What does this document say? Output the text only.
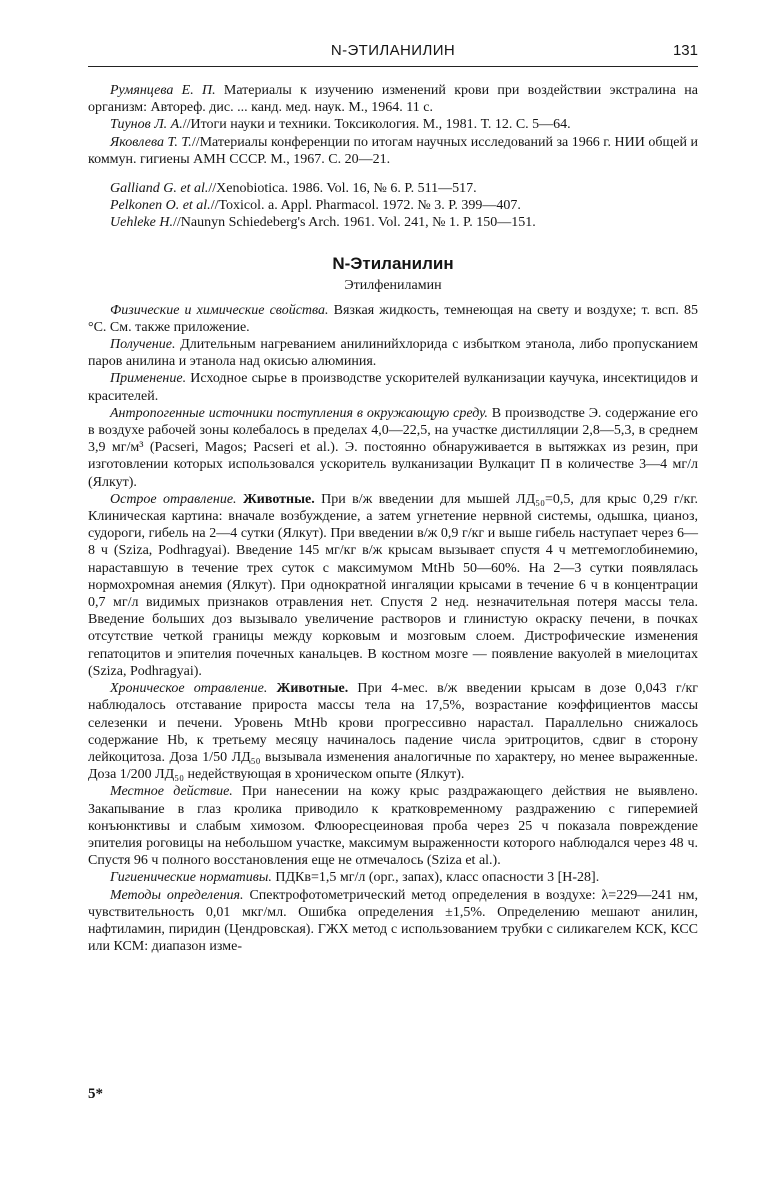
N-ЭТИЛАНИЛИН	131

Румянцева Е. П. Материалы к изучению изменений крови при воздействии экстралина на организм: Автореф. дис. ... канд. мед. наук. М., 1964. 11 с.

Тиунов Л. А.//Итоги науки и техники. Токсикология. М., 1981. Т. 12. С. 5—64.

Яковлева Т. Т.//Материалы конференции по итогам научных исследований за 1966 г. НИИ общей и коммун. гигиены АМН СССР. М., 1967. С. 20—21.

Galliand G. et al.//Xenobiotica. 1986. Vol. 16, № 6. P. 511—517.

Pelkonen O. et al.//Toxicol. a. Appl. Pharmacol. 1972. № 3. P. 399—407.

Uehleke H.//Naunyn Schiedeberg's Arch. 1961. Vol. 241, № 1. P. 150—151.

N-Этиланилин
Этилфениламин

Физические и химические свойства. Вязкая жидкость, темнеющая на свету и воздухе; т. всп. 85 °С. См. также приложение.

Получение. Длительным нагреванием анилинийхлорида с избытком этанола, либо пропусканием паров анилина и этанола над окисью алюминия.

Применение. Исходное сырье в производстве ускорителей вулканизации каучука, инсектицидов и красителей.

Антропогенные источники поступления в окружающую среду. В производстве Э. содержание его в воздухе рабочей зоны колебалось в пределах 4,0—22,5, на участке дистилляции 2,8—5,3, в среднем 3,9 мг/м³ (Pacseri, Magos; Pacseri et al.). Э. постоянно обнаруживается в вытяжках из резин, при изготовлении которых использовался ускоритель вулканизации Вулкацит П в количестве 3—4 мг/л (Ялкут).

Острое отравление. Животные. При в/ж введении для мышей ЛД₅₀=0,5, для крыс 0,29 г/кг. Клиническая картина: вначале возбуждение, а затем угнетение нервной системы, одышка, цианоз, судороги, гибель на 2—4 сутки (Ялкут). При введении в/ж 0,9 г/кг и выше гибель наступает через 6—8 ч (Sziza, Podhragyai). Введение 145 мг/кг в/ж крысам вызывает спустя 4 ч метгемоглобинемию, нараставшую в течение трех суток с максимумом MtHb 50—60%. На 2—3 сутки появлялась нормохромная анемия (Ялкут). При однократной ингаляции крысами в течение 6 ч в концентрации 0,7 мг/л видимых признаков отравления нет. Спустя 2 нед. незначительная потеря массы тела. Введение больших доз вызывало увеличение растворов и глинистую окраску печени, в почках отсутствие четкой границы между корковым и мозговым слоем. Дистрофические изменения гепатоцитов и эпителия почечных канальцев. В костном мозге — появление вакуолей в миелоцитах (Sziza, Podhragyai).

Хроническое отравление. Животные. При 4-мес. в/ж введении крысам в дозе 0,043 г/кг наблюдалось отставание прироста массы тела на 17,5%, возрастание коэффициентов массы селезенки и печени. Уровень MtHb крови прогрессивно нарастал. Параллельно снижалось содержание Hb, к третьему месяцу начиналось падение числа эритроцитов, сдвиг в сторону лейкоцитоза. Доза 1/50 ЛД₅₀ вызывала изменения аналогичные по характеру, но менее выраженные. Доза 1/200 ЛД₅₀ недействующая в хроническом опыте (Ялкут).

Местное действие. При нанесении на кожу крыс раздражающего действия не выявлено. Закапывание в глаз кролика приводило к кратковременному раздражению с гиперемией конъюнктивы и слабым химозом. Флюоресцеиновая проба через 25 ч показала повреждение эпителия роговицы на небольшом участке, максимум выраженности которого наблюдался через 48 ч. Спустя 96 ч полного восстановления еще не отмечалось (Sziza et al.).

Гигиенические нормативы. ПДКв=1,5 мг/л (орг., запах), класс опасности 3 [Н-28].

Методы определения. Спектрофотометрический метод определения в воздухе: λ=229—241 нм, чувствительность 0,01 мкг/мл. Ошибка определения ±1,5%. Определению мешают анилин, нафтиламин, пиридин (Цендровская). ГЖХ метод с использованием трубки с силикагелем КСК, КСС или КСМ: диапазон изме-

5*
